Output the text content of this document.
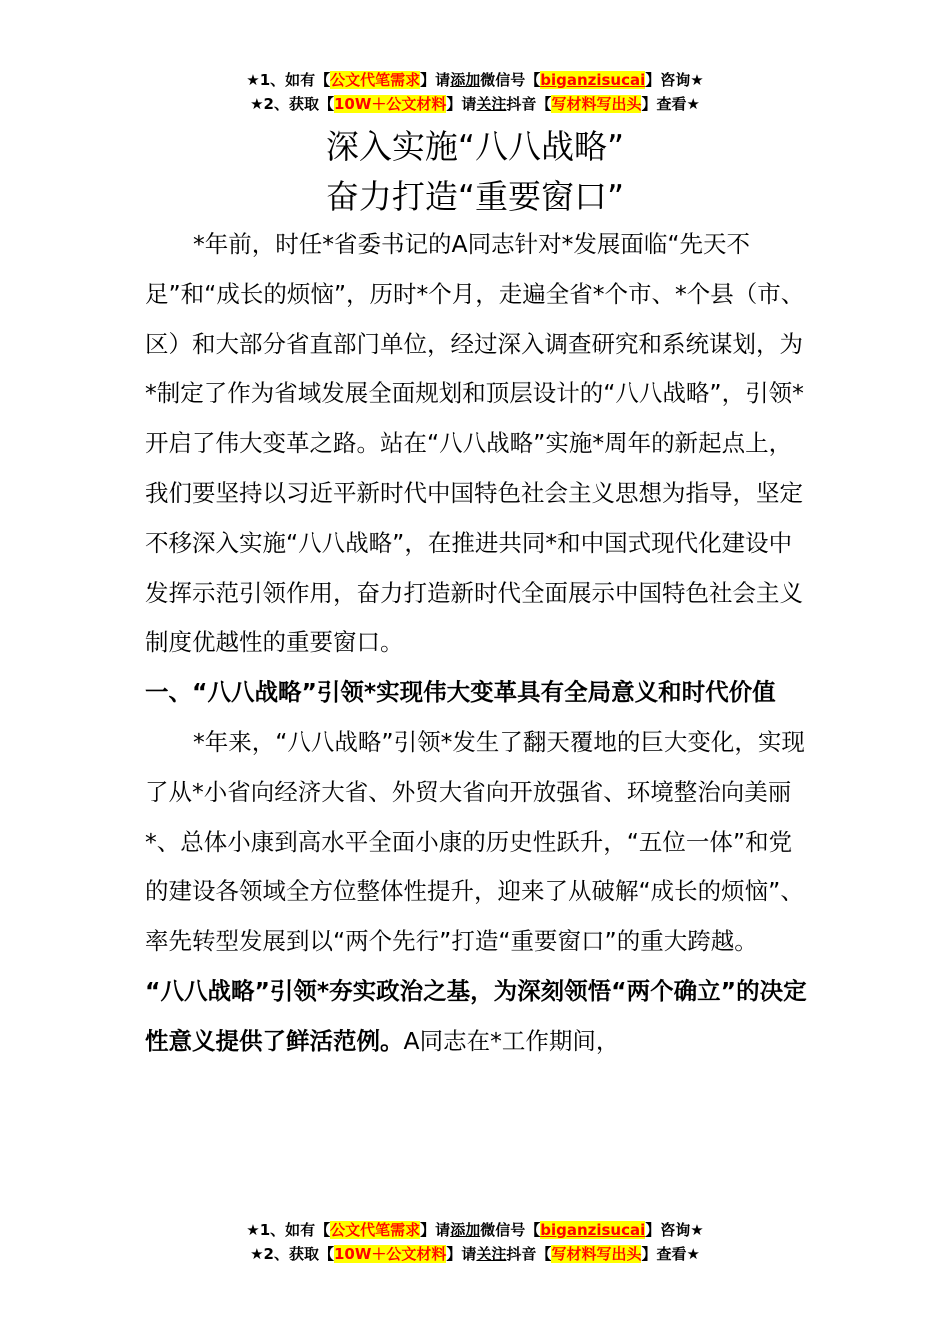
★1、如有【公文代笔需求】请添加微信号【biganzisucai】咨询★
★2、获取【10W＋公文材料】请关注抖音【写材料写出头】查看★
深入实施“八八战略”
奋力打造“重要窗口”

*年前，时任*省委书记的A同志针对*发展面临“先天不足”和“成长的烦恼”，历时*个月，走遍全省*个市、*个县（市、区）和大部分省直部门单位，经过深入调查研究和系统谋划，为*制定了作为省域发展全面规划和顶层设计的“八八战略”，引领*开启了伟大变革之路。站在“八八战略”实施*周年的新起点上，我们要坚持以习近平新时代中国特色社会主义思想为指导，坚定不移深入实施“八八战略”，在推进共同*和中国式现代化建设中发挥示范引领作用，奋力打造新时代全面展示中国特色社会主义制度优越性的重要窗口。

一、“八八战略”引领*实现伟大变革具有全局意义和时代价值

*年来，“八八战略”引领*发生了翻天覆地的巨大变化，实现了从*小省向经济大省、外贸大省向开放强省、环境整治向美丽*、总体小康到高水平全面小康的历史性跃升，“五位一体”和党的建设各领域全方位整体性提升，迎来了从破解“成长的烦恼”、率先转型发展到以“两个先行”打造“重要窗口”的重大跨越。

“八八战略”引领*夯实政治之基，为深刻领悟“两个确立”的决定性意义提供了鲜活范例。A同志在*工作期间，

★1、如有【公文代笔需求】请添加微信号【biganzisucai】咨询★
★2、获取【10W＋公文材料】请关注抖音【写材料写出头】查看★
